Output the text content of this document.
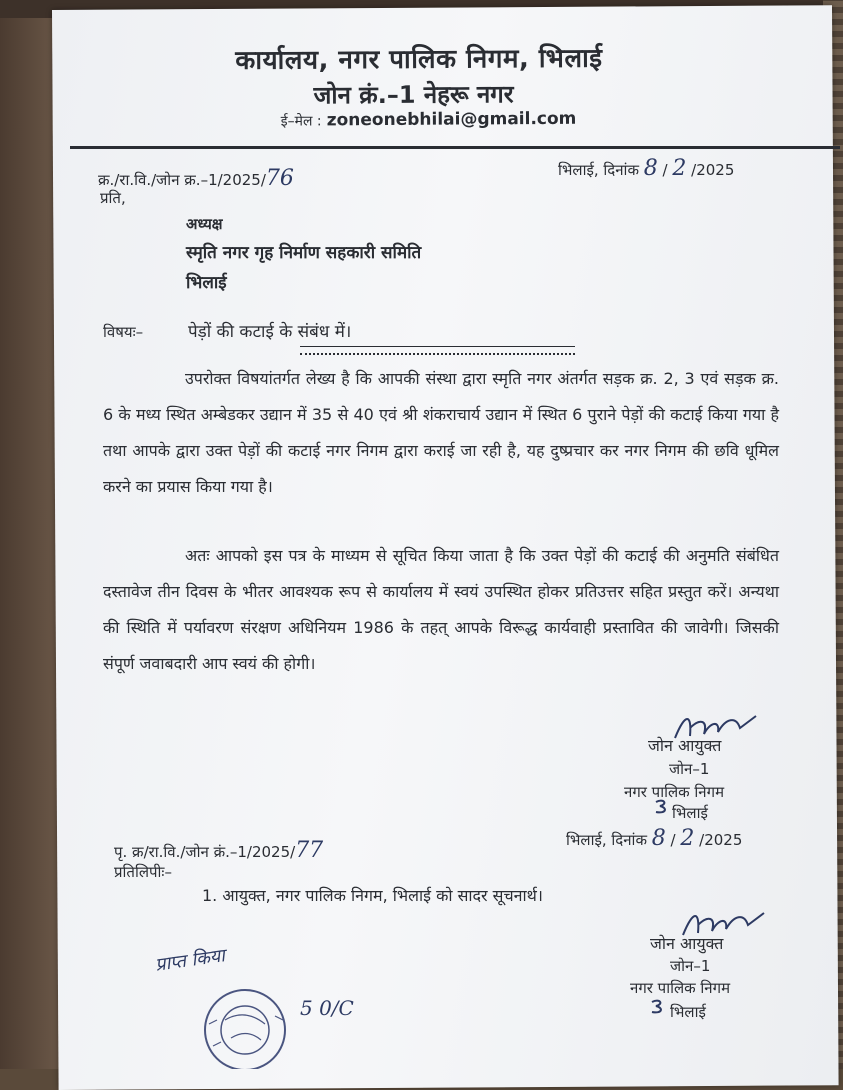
कार्यालय, नगर पालिक निगम, भिलाई
जोन क्रं.–1 नेहरू नगर
ई–मेल : zoneonebhilai@gmail.com
क्र./रा.वि./जोन क्र.–1/2025/76	भिलाई, दिनांक 8 / 2 /2025
प्रति,
अध्यक्ष
स्मृति नगर गृह निर्माण सहकारी समिति
भिलाई
विषयः–	पेड़ों की कटाई के संबंध में।
उपरोक्त विषयांतर्गत लेख्य है कि आपकी संस्था द्वारा स्मृति नगर अंतर्गत सड़क क्र. 2, 3 एवं सड़क क्र. 6 के मध्य स्थित अम्बेडकर उद्यान में 35 से 40 एवं श्री शंकराचार्य उद्यान में स्थित 6 पुराने पेड़ों की कटाई किया गया है तथा आपके द्वारा उक्त पेड़ों की कटाई नगर निगम द्वारा कराई जा रही है, यह दुष्प्रचार कर नगर निगम की छवि धूमिल करने का प्रयास किया गया है।
अतः आपको इस पत्र के माध्यम से सूचित किया जाता है कि उक्त पेड़ों की कटाई की अनुमति संबंधित दस्तावेज तीन दिवस के भीतर आवश्यक रूप से कार्यालय में स्वयं उपस्थित होकर प्रतिउत्तर सहित प्रस्तुत करें। अन्यथा की स्थिति में पर्यावरण संरक्षण अधिनियम 1986 के तहत् आपके विरूद्ध कार्यवाही प्रस्तावित की जावेगी। जिसकी संपूर्ण जवाबदारी आप स्वयं की होगी।
जोन आयुक्त
जोन–1
नगर पालिक निगम
भिलाई
पृ. क्र/रा.वि./जोन क्रं.–1/2025/77	भिलाई, दिनांक 8 / 2 /2025
प्रतिलिपीः–
1. आयुक्त, नगर पालिक निगम, भिलाई को सादर सूचनार्थ।
जोन आयुक्त
जोन–1
नगर पालिक निगम
भिलाई
प्राप्त किया
5 0/C
